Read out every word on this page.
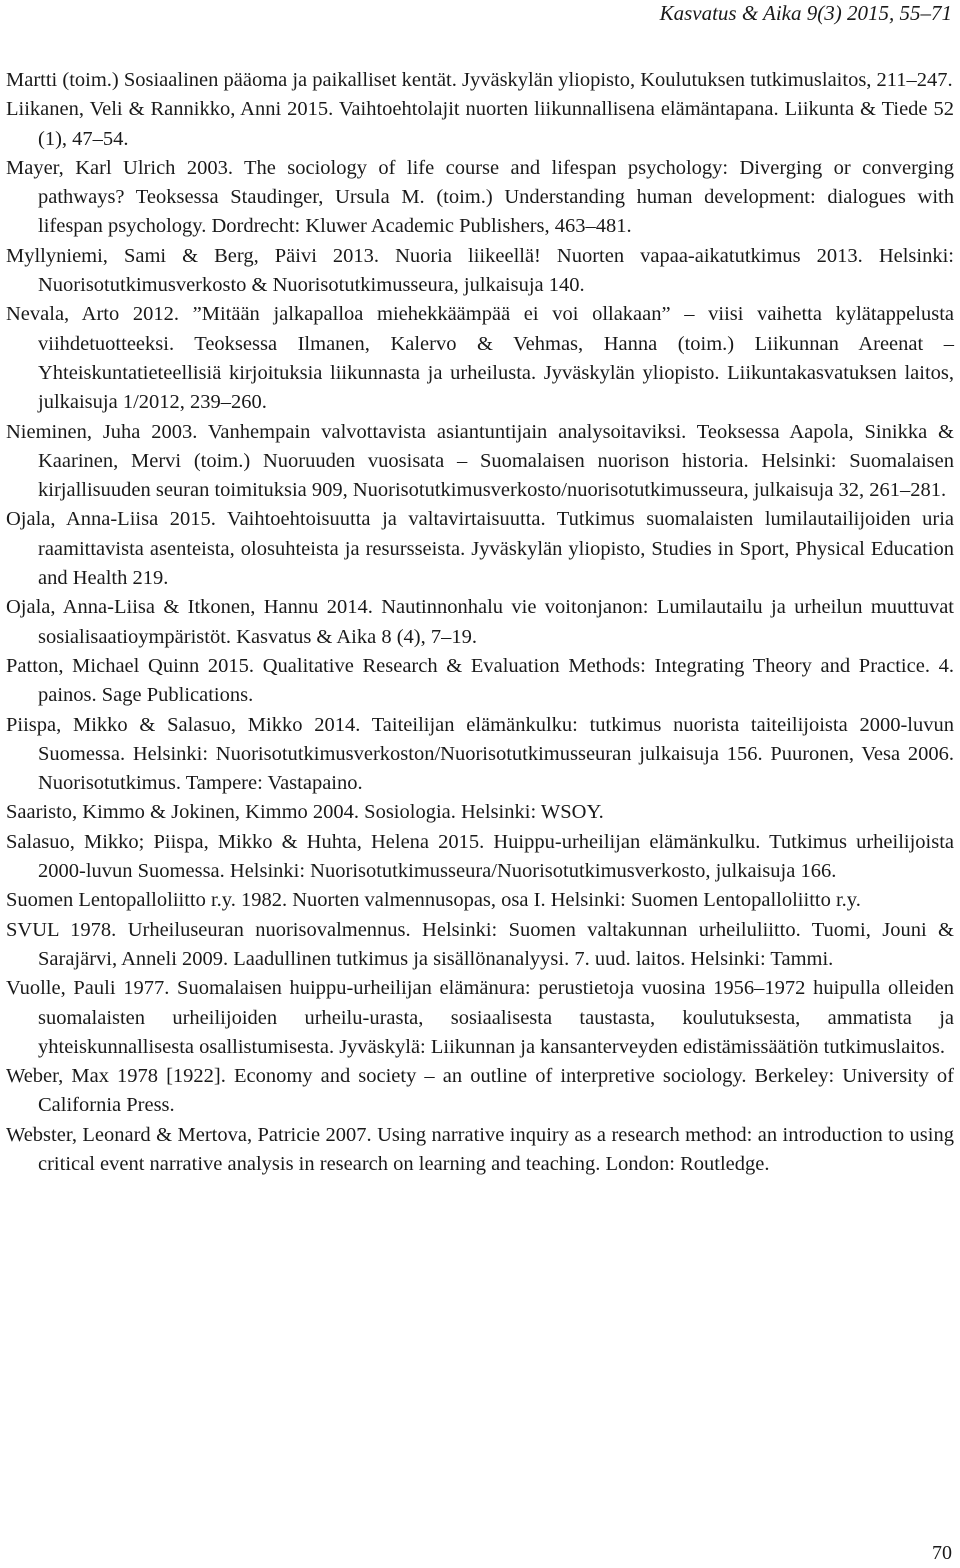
Kasvatus & Aika 9(3) 2015, 55–71
Martti (toim.) Sosiaalinen pääoma ja paikalliset kentät. Jyväskylän yliopisto, Koulutuksen tutkimuslaitos, 211–247.
Liikanen, Veli & Rannikko, Anni 2015. Vaihtoehtolajit nuorten liikunnallisena elämäntapana. Liikunta & Tiede 52 (1), 47–54.
Mayer, Karl Ulrich 2003. The sociology of life course and lifespan psychology: Diverging or converging pathways? Teoksessa Staudinger, Ursula M. (toim.) Understanding human development: dialogues with lifespan psychology. Dordrecht: Kluwer Academic Publishers, 463–481.
Myllyniemi, Sami & Berg, Päivi 2013. Nuoria liikeellä! Nuorten vapaa-aikatutkimus 2013. Helsinki: Nuorisotutkimusverkosto & Nuorisotutkimusseura, julkaisuja 140.
Nevala, Arto 2012. ”Mitään jalkapalloa miehekkäämpää ei voi ollakaan” – viisi vaihetta kylätappelusta viihdetuotteeksi. Teoksessa Ilmanen, Kalervo & Vehmas, Hanna (toim.) Liikunnan Areenat – Yhteiskuntatieteellisiä kirjoituksia liikunnasta ja urheilusta. Jyväskylän yliopisto. Liikuntakasvatuksen laitos, julkaisuja 1/2012, 239–260.
Nieminen, Juha 2003. Vanhempain valvottavista asiantuntijain analysoitaviksi. Teoksessa Aapola, Sinikka & Kaarinen, Mervi (toim.) Nuoruuden vuosisata – Suomalaisen nuorison historia. Helsinki: Suomalaisen kirjallisuuden seuran toimituksia 909, Nuorisotutkimusverkosto/nuorisotutkimusseura, julkaisuja 32, 261–281.
Ojala, Anna-Liisa 2015. Vaihtoehtoisuutta ja valtavirtaisuutta. Tutkimus suomalaisten lumilautailijoiden uria raamittavista asenteista, olosuhteista ja resursseista. Jyväskylän yliopisto, Studies in Sport, Physical Education and Health 219.
Ojala, Anna-Liisa & Itkonen, Hannu 2014. Nautinnonhalu vie voitonjanon: Lumilautailu ja urheilun muuttuvat sosialisaatioympäristöt. Kasvatus & Aika 8 (4), 7–19.
Patton, Michael Quinn 2015. Qualitative Research & Evaluation Methods: Integrating Theory and Practice. 4. painos. Sage Publications.
Piispa, Mikko & Salasuo, Mikko 2014. Taiteilijan elämänkulku: tutkimus nuorista taiteilijoista 2000-luvun Suomessa. Helsinki: Nuorisotutkimusverkoston/Nuorisotutkimusseuran julkaisuja 156. Puuronen, Vesa 2006. Nuorisotutkimus. Tampere: Vastapaino.
Saaristo, Kimmo & Jokinen, Kimmo 2004. Sosiologia. Helsinki: WSOY.
Salasuo, Mikko; Piispa, Mikko & Huhta, Helena 2015. Huippu-urheilijan elämänkulku. Tutkimus urheilijoista 2000-luvun Suomessa. Helsinki: Nuorisotutkimusseura/Nuorisotutkimusverkosto, julkaisuja 166.
Suomen Lentopalloliitto r.y. 1982. Nuorten valmennusopas, osa I. Helsinki: Suomen Lentopalloliitto r.y.
SVUL 1978. Urheiluseuran nuorisovalmennus. Helsinki: Suomen valtakunnan urheiluliitto. Tuomi, Jouni & Sarajärvi, Anneli 2009. Laadullinen tutkimus ja sisällönanalyysi. 7. uud. laitos. Helsinki: Tammi.
Vuolle, Pauli 1977. Suomalaisen huippu-urheilijan elämänura: perustietoja vuosina 1956–1972 huipulla olleiden suomalaisten urheilijoiden urheilu-urasta, sosiaalisesta taustasta, koulutuksesta, ammatista ja yhteiskunnallisesta osallistumisesta. Jyväskylä: Liikunnan ja kansanterveyden edistämissäätiön tutkimuslaitos.
Weber, Max 1978 [1922]. Economy and society – an outline of interpretive sociology. Berkeley: University of California Press.
Webster, Leonard & Mertova, Patricie 2007. Using narrative inquiry as a research method: an introduction to using critical event narrative analysis in research on learning and teaching. London: Routledge.
70
